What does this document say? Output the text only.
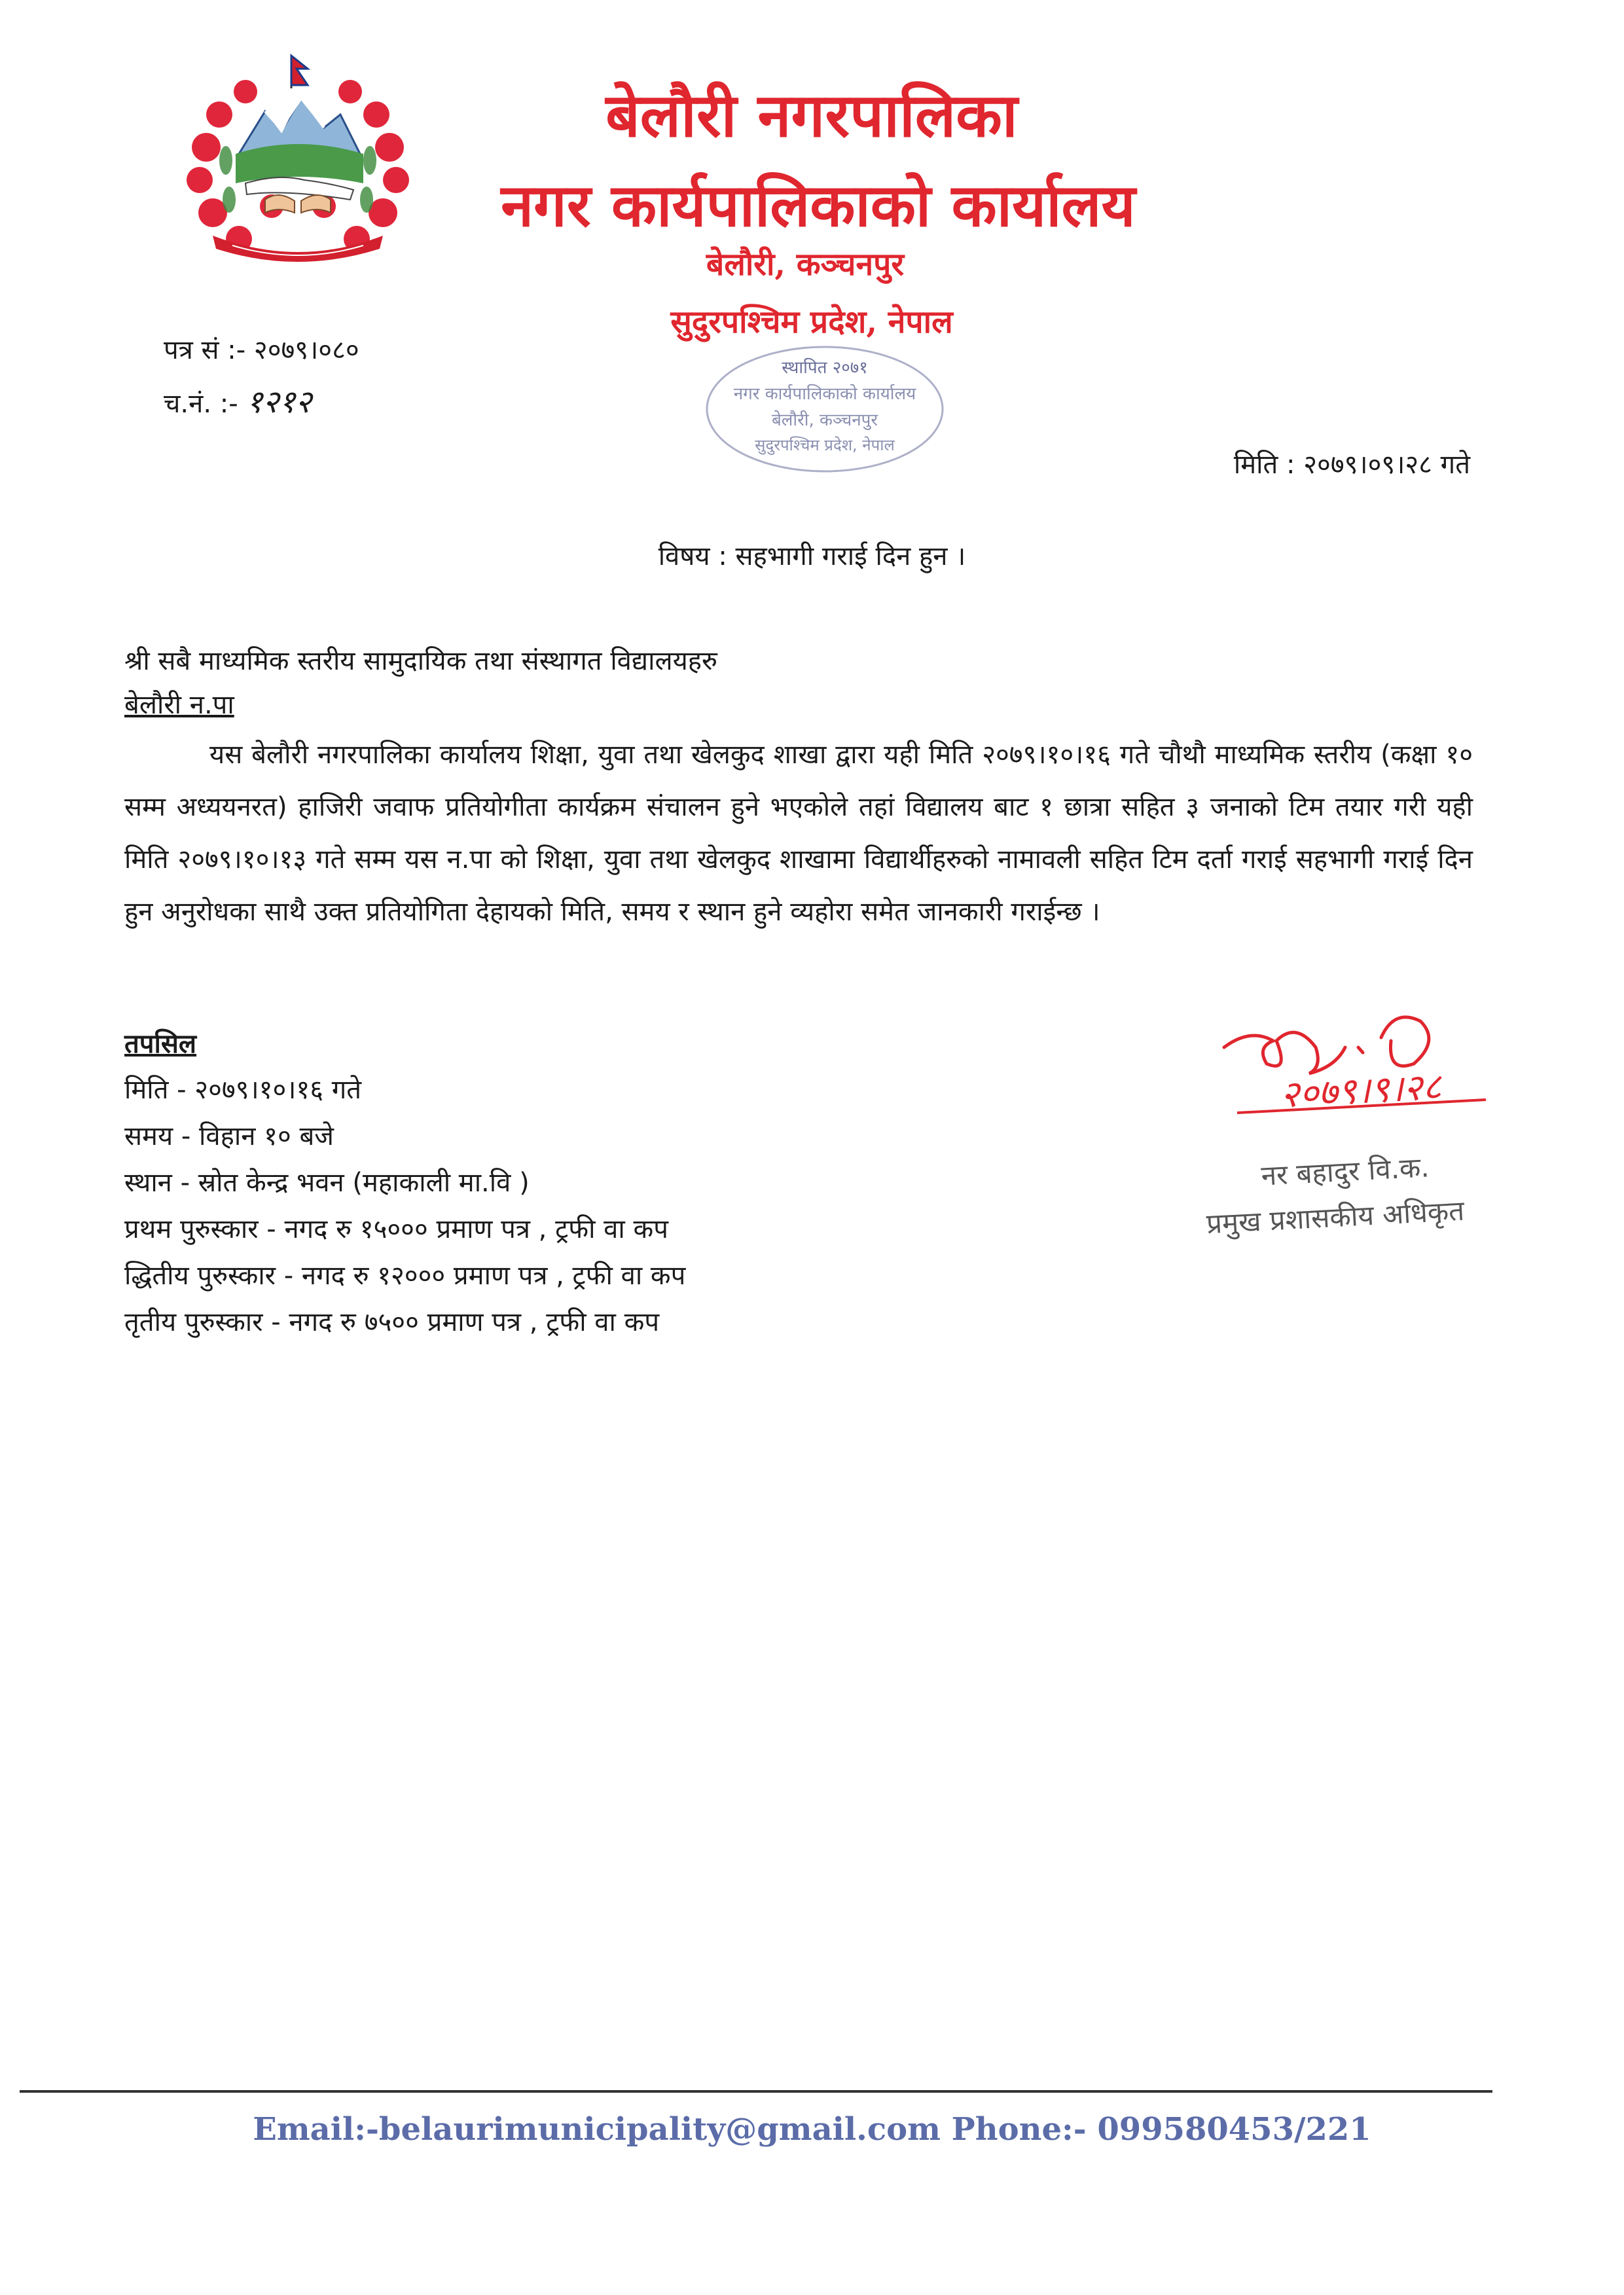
बेलौरी नगरपालिका
नगर कार्यपालिकाको कार्यालय
बेलौरी, कञ्चनपुर
सुदुरपश्चिम प्रदेश, नेपाल
पत्र सं :- २०७९।०८०
च.नं. :- १२१२
स्थापित २०७१
नगर कार्यपालिकाको कार्यालय
बेलौरी, कञ्चनपुर
सुदुरपश्चिम प्रदेश, नेपाल
मिति : २०७९।०९।२८ गते
विषय : सहभागी गराई दिन हुन ।
श्री सबै माध्यमिक स्तरीय सामुदायिक तथा संस्थागत विद्यालयहरु
बेलौरी न.पा
यस बेलौरी नगरपालिका कार्यालय शिक्षा, युवा तथा खेलकुद शाखा द्वारा यही मिति २०७९।१०।१६ गते चौथौ माध्यमिक स्तरीय (कक्षा १० सम्म अध्ययनरत) हाजिरी जवाफ प्रतियोगीता कार्यक्रम संचालन हुने भएकोले तहां विद्यालय बाट १ छात्रा सहित ३ जनाको टिम तयार गरी यही मिति २०७९।१०।१३ गते सम्म यस न.पा को शिक्षा, युवा तथा खेलकुद शाखामा विद्यार्थीहरुको नामावली सहित टिम दर्ता गराई सहभागी गराई दिन हुन अनुरोधका साथै उक्त प्रतियोगिता देहायको मिति, समय र स्थान हुने व्यहोरा समेत जानकारी गराईन्छ ।
तपसिल
मिति - २०७९।१०।१६ गते
समय - विहान १० बजे
स्थान - स्रोत केन्द्र भवन (महाकाली मा.वि )
प्रथम पुरुस्कार - नगद रु १५००० प्रमाण पत्र , ट्रफी वा कप
द्धितीय पुरुस्कार - नगद रु १२००० प्रमाण पत्र , ट्रफी वा कप
तृतीय पुरुस्कार - नगद रु ७५०० प्रमाण पत्र , ट्रफी वा कप
२०७९।९।२८
नर बहादुर वि.क.
प्रमुख प्रशासकीय अधिकृत
Email:-belaurimunicipality@gmail.com Phone:- 099580453/221
